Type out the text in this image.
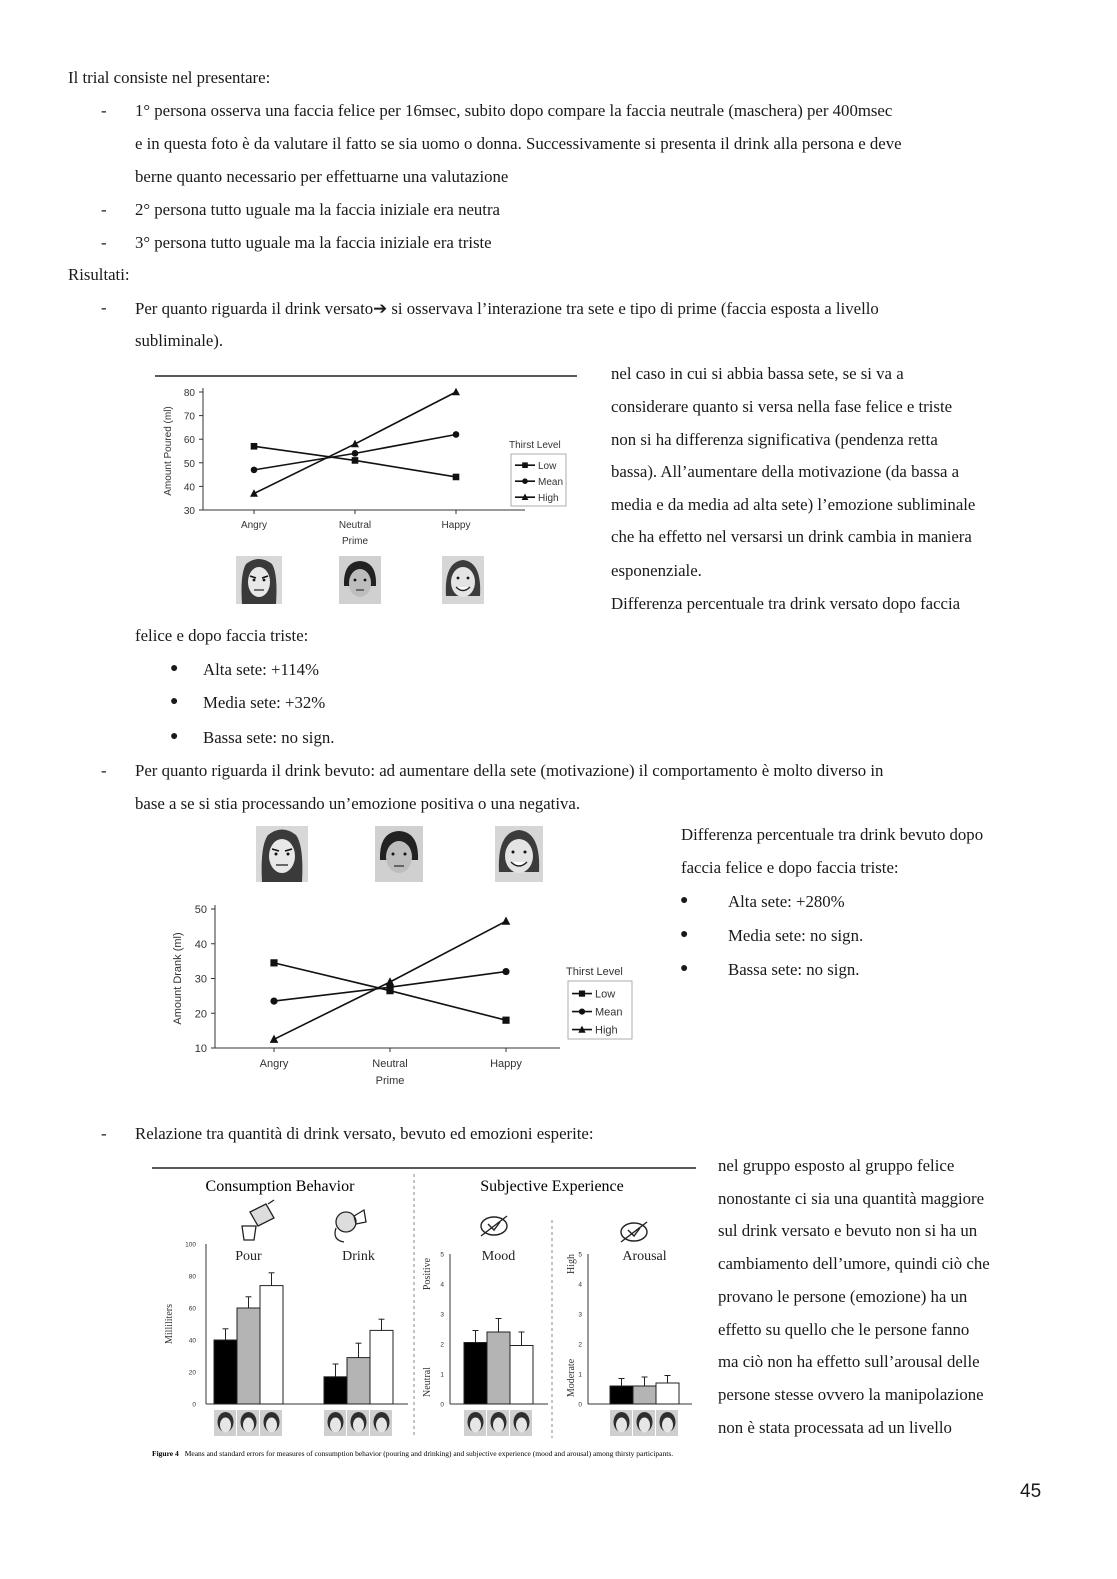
Il trial consiste nel presentare:
- 1° persona osserva una faccia felice per 16msec, subito dopo compare la faccia neutrale (maschera) per 400msec
e in questa foto è da valutare il fatto se sia uomo o donna. Successivamente si presenta il drink alla persona e deve
berne quanto necessario per effettuarne una valutazione
- 2° persona tutto uguale ma la faccia iniziale era neutra
- 3° persona tutto uguale ma la faccia iniziale era triste
Risultati:
- Per quanto riguarda il drink versato➔ si osservava l’interazione tra sete e tipo di prime (faccia esposta a livello
subliminale).
30
40
50
60
70
80
Angry	Neutral	Happy
Prime
Amount Poured (ml)	Thirst Level
Low
Mean
High
nel caso in cui si abbia bassa sete, se si va a
considerare quanto si versa nella fase felice e triste
non si ha differenza significativa (pendenza retta
bassa). All’aumentare della motivazione (da bassa a
media e da media ad alta sete) l’emozione subliminale
che ha effetto nel versarsi un drink cambia in maniera
esponenziale.
Differenza percentuale tra drink versato dopo faccia
felice e dopo faccia triste:
● Alta sete: +114%
● Media sete: +32%
● Bassa sete: no sign.
- Per quanto riguarda il drink bevuto: ad aumentare della sete (motivazione) il comportamento è molto diverso in
base a se si stia processando un’emozione positiva o una negativa.
10
20
30
40
50
Angry	Neutral	Happy
Prime
Amount Drank (ml)	Thirst Level
Low
Mean
High
Differenza percentuale tra drink bevuto dopo
faccia felice e dopo faccia triste:
● Alta sete: +280%
● Media sete: no sign.
● Bassa sete: no sign.
- Relazione tra quantità di drink versato, bevuto ed emozioni esperite:
Consumption Behavior	Subjective Experience
0
20
40
60
80
100
0
1
2
3
4
5
0
1
2
3
4
5
Milliliters
Positive
Neutral
High
Moderate
Pour	Drink	Mood	Arousal
Figure 4 Means and standard errors for measures of consumption behavior (pouring and drinking) and subjective experience (mood and arousal) among thirsty participants.
nel gruppo esposto al gruppo felice
nonostante ci sia una quantità maggiore
sul drink versato e bevuto non si ha un
cambiamento dell’umore, quindi ciò che
provano le persone (emozione) ha un
effetto su quello che le persone fanno
ma ciò non ha effetto sull’arousal delle
persone stesse ovvero la manipolazione
non è stata processata ad un livello
45
